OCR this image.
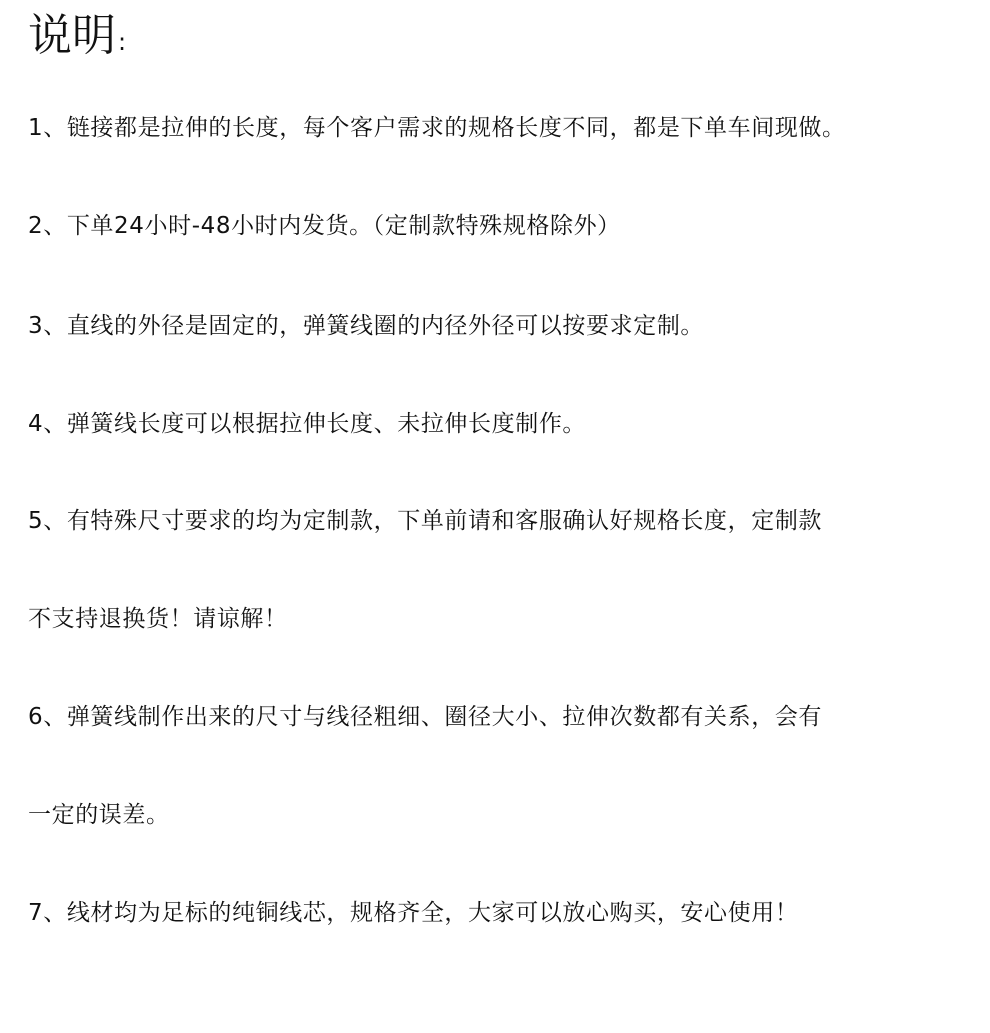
说明:
1、链接都是拉伸的长度，每个客户需求的规格长度不同，都是下单车间现做。
2、下单24小时-48小时内发货。（定制款特殊规格除外）
3、直线的外径是固定的，弹簧线圈的内径外径可以按要求定制。
4、弹簧线长度可以根据拉伸长度、未拉伸长度制作。
5、有特殊尺寸要求的均为定制款，下单前请和客服确认好规格长度，定制款
不支持退换货！请谅解！
6、弹簧线制作出来的尺寸与线径粗细、圈径大小、拉伸次数都有关系，会有
一定的误差。
7、线材均为足标的纯铜线芯，规格齐全，大家可以放心购买，安心使用！
